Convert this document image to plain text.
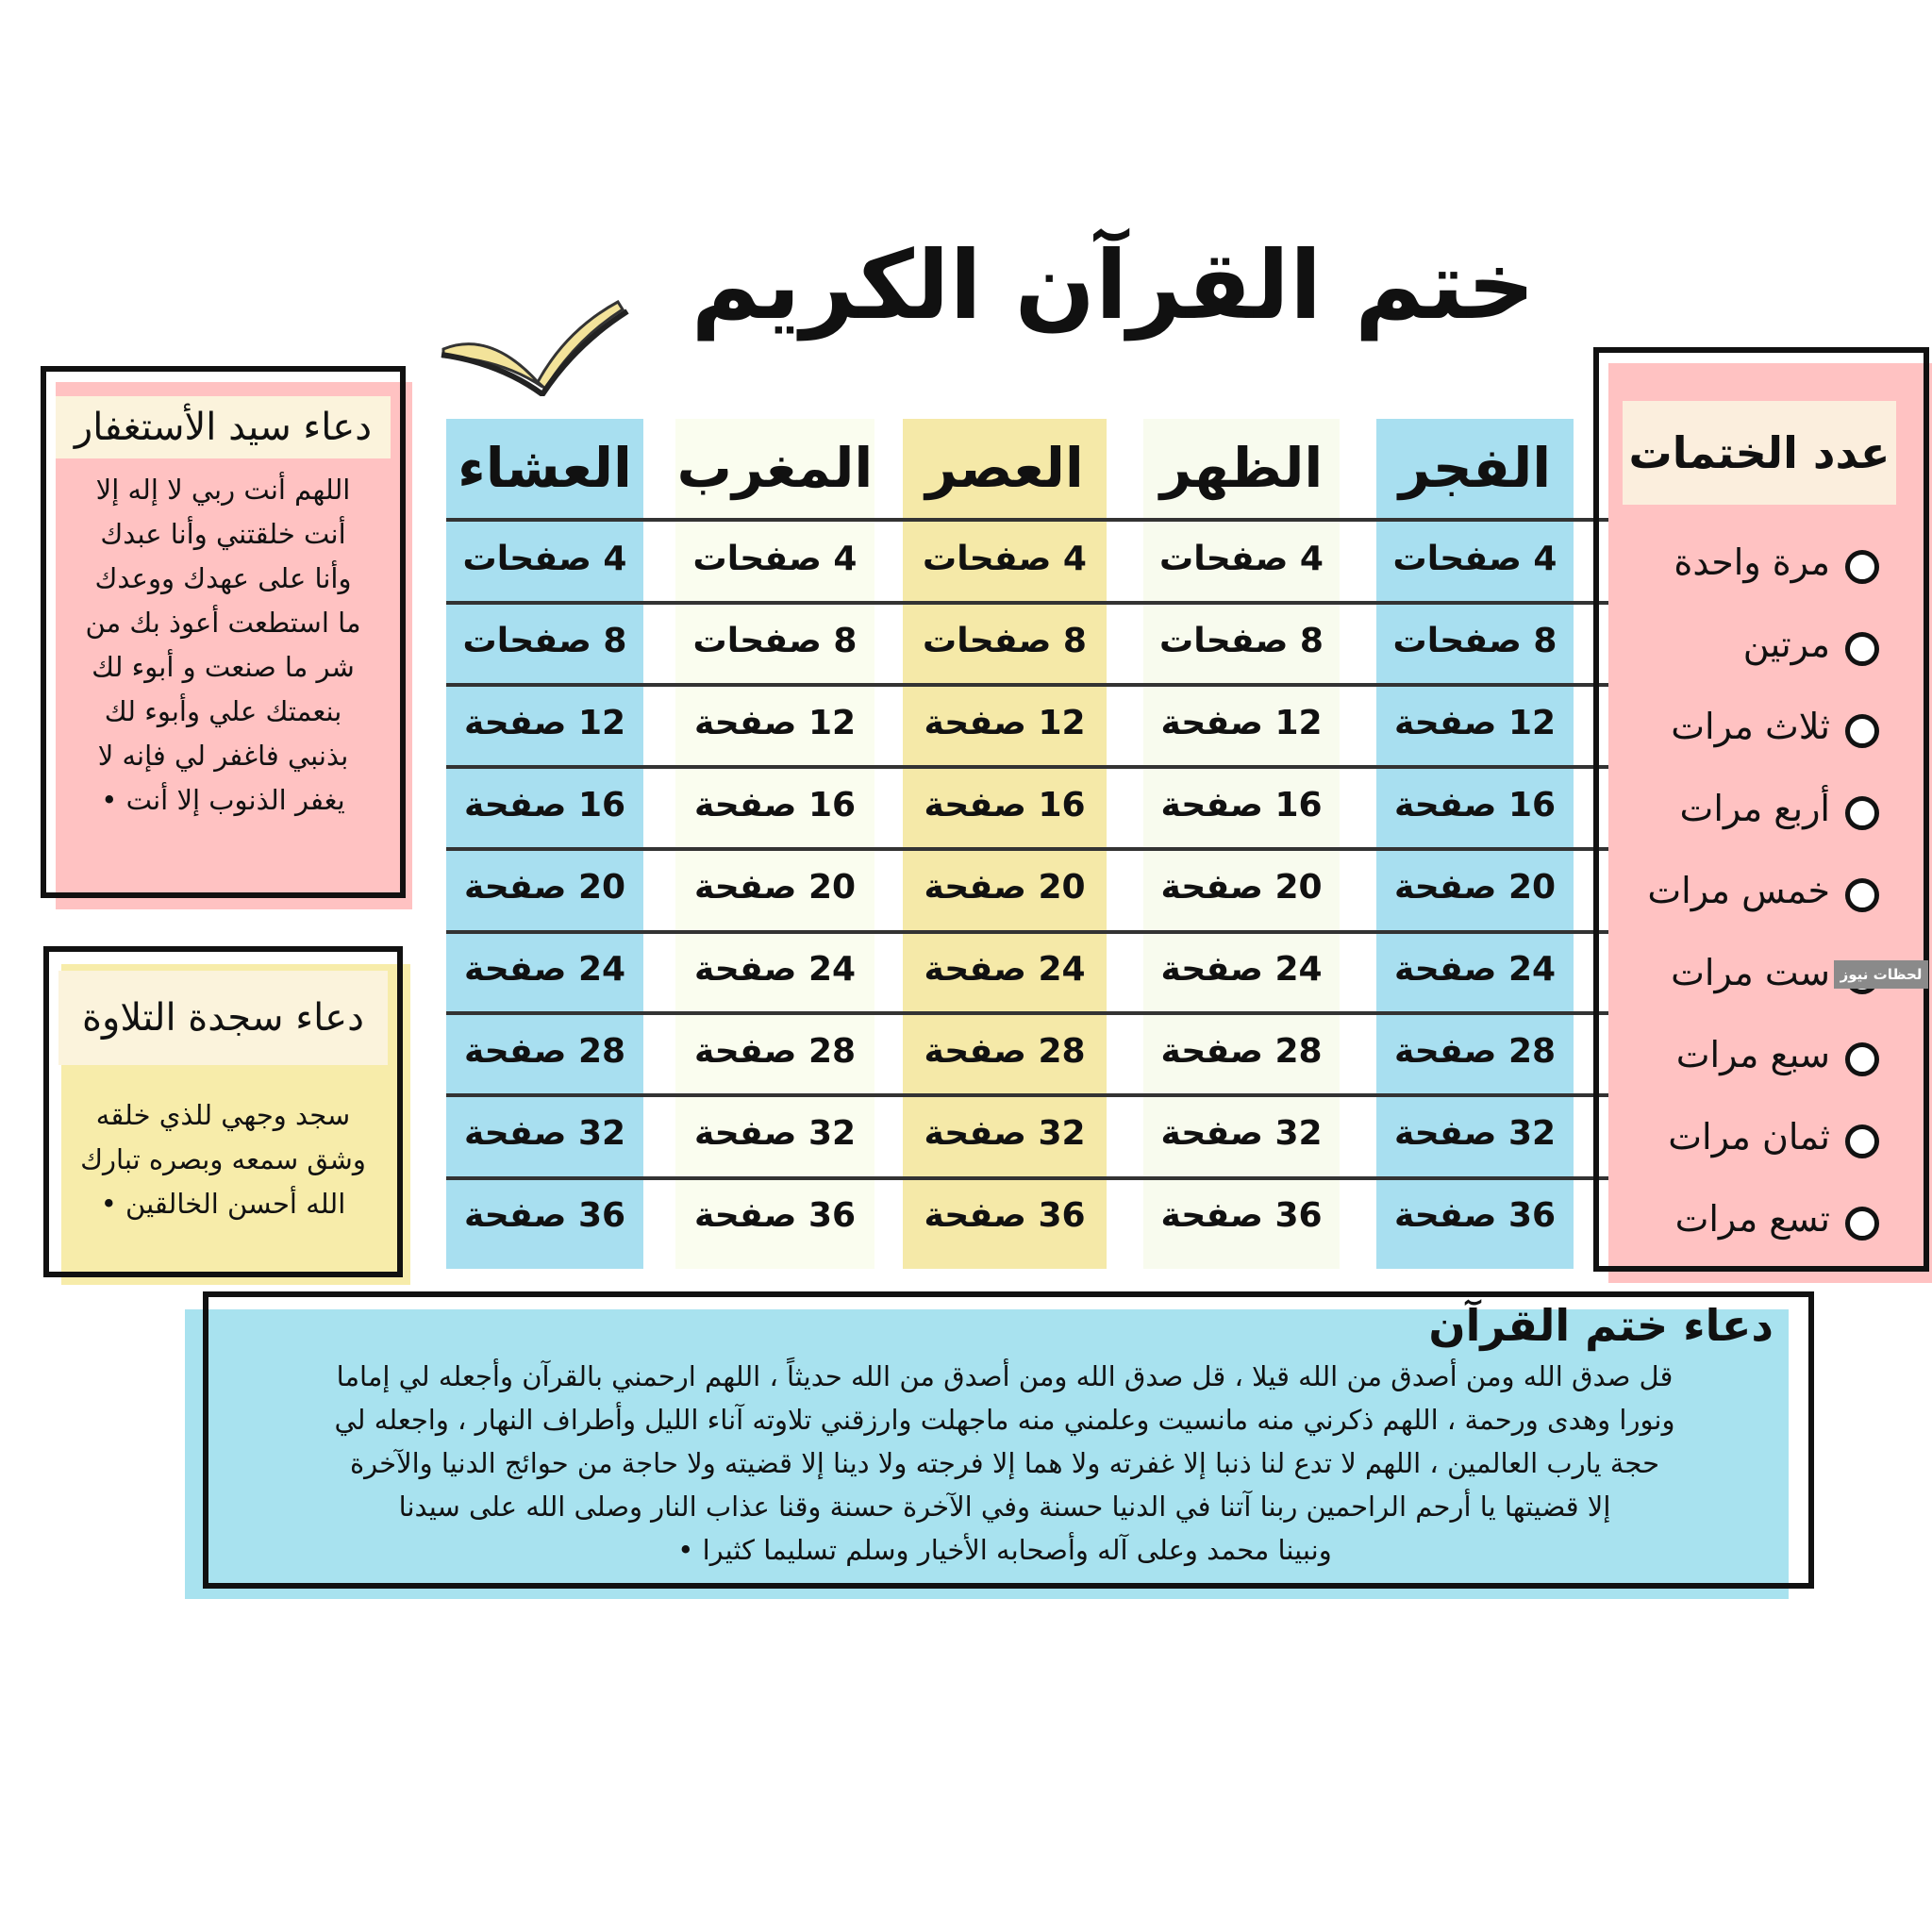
ختم القرآن الكريم
الفجر
4 صفحات
8 صفحات
12 صفحة
16 صفحة
20 صفحة
24 صفحة
28 صفحة
32 صفحة
36 صفحة
الظهر
4 صفحات
8 صفحات
12 صفحة
16 صفحة
20 صفحة
24 صفحة
28 صفحة
32 صفحة
36 صفحة
العصر
4 صفحات
8 صفحات
12 صفحة
16 صفحة
20 صفحة
24 صفحة
28 صفحة
32 صفحة
36 صفحة
المغرب
4 صفحات
8 صفحات
12 صفحة
16 صفحة
20 صفحة
24 صفحة
28 صفحة
32 صفحة
36 صفحة
العشاء
4 صفحات
8 صفحات
12 صفحة
16 صفحة
20 صفحة
24 صفحة
28 صفحة
32 صفحة
36 صفحة
عدد الختمات
مرة واحدة
مرتين
ثلاث مرات
أربع مرات
خمس مرات
ست مرات
سبع مرات
ثمان مرات
تسع مرات
لحظات نيوز
دعاء سيد الأستغفار
اللهم أنت ربي لا إله إلا
أنت خلقتني وأنا عبدك
وأنا على عهدك ووعدك
ما استطعت أعوذ بك من
شر ما صنعت و أبوء لك
بنعمتك علي وأبوء لك
بذنبي فاغفر لي فإنه لا
يغفر الذنوب إلا أنت •
دعاء سجدة التلاوة
سجد وجهي للذي خلقه
وشق سمعه وبصره تبارك
الله أحسن الخالقين •
دعاء ختم القرآن
قل صدق الله ومن أصدق من الله قيلا ، قل صدق الله ومن أصدق من الله حديثاً ، اللهم ارحمني بالقرآن وأجعله لي إماما
ونورا وهدى ورحمة ، اللهم ذكرني منه مانسيت وعلمني منه ماجهلت وارزقني تلاوته آناء الليل وأطراف النهار ، واجعله لي
حجة يارب العالمين ، اللهم لا تدع لنا ذنبا إلا غفرته ولا هما إلا فرجته ولا دينا إلا قضيته ولا حاجة من حوائج الدنيا والآخرة
إلا قضيتها يا أرحم الراحمين ربنا آتنا في الدنيا حسنة وفي الآخرة حسنة وقنا عذاب النار وصلى الله على سيدنا
ونبينا محمد وعلى آله وأصحابه الأخيار وسلم تسليما كثيرا •
